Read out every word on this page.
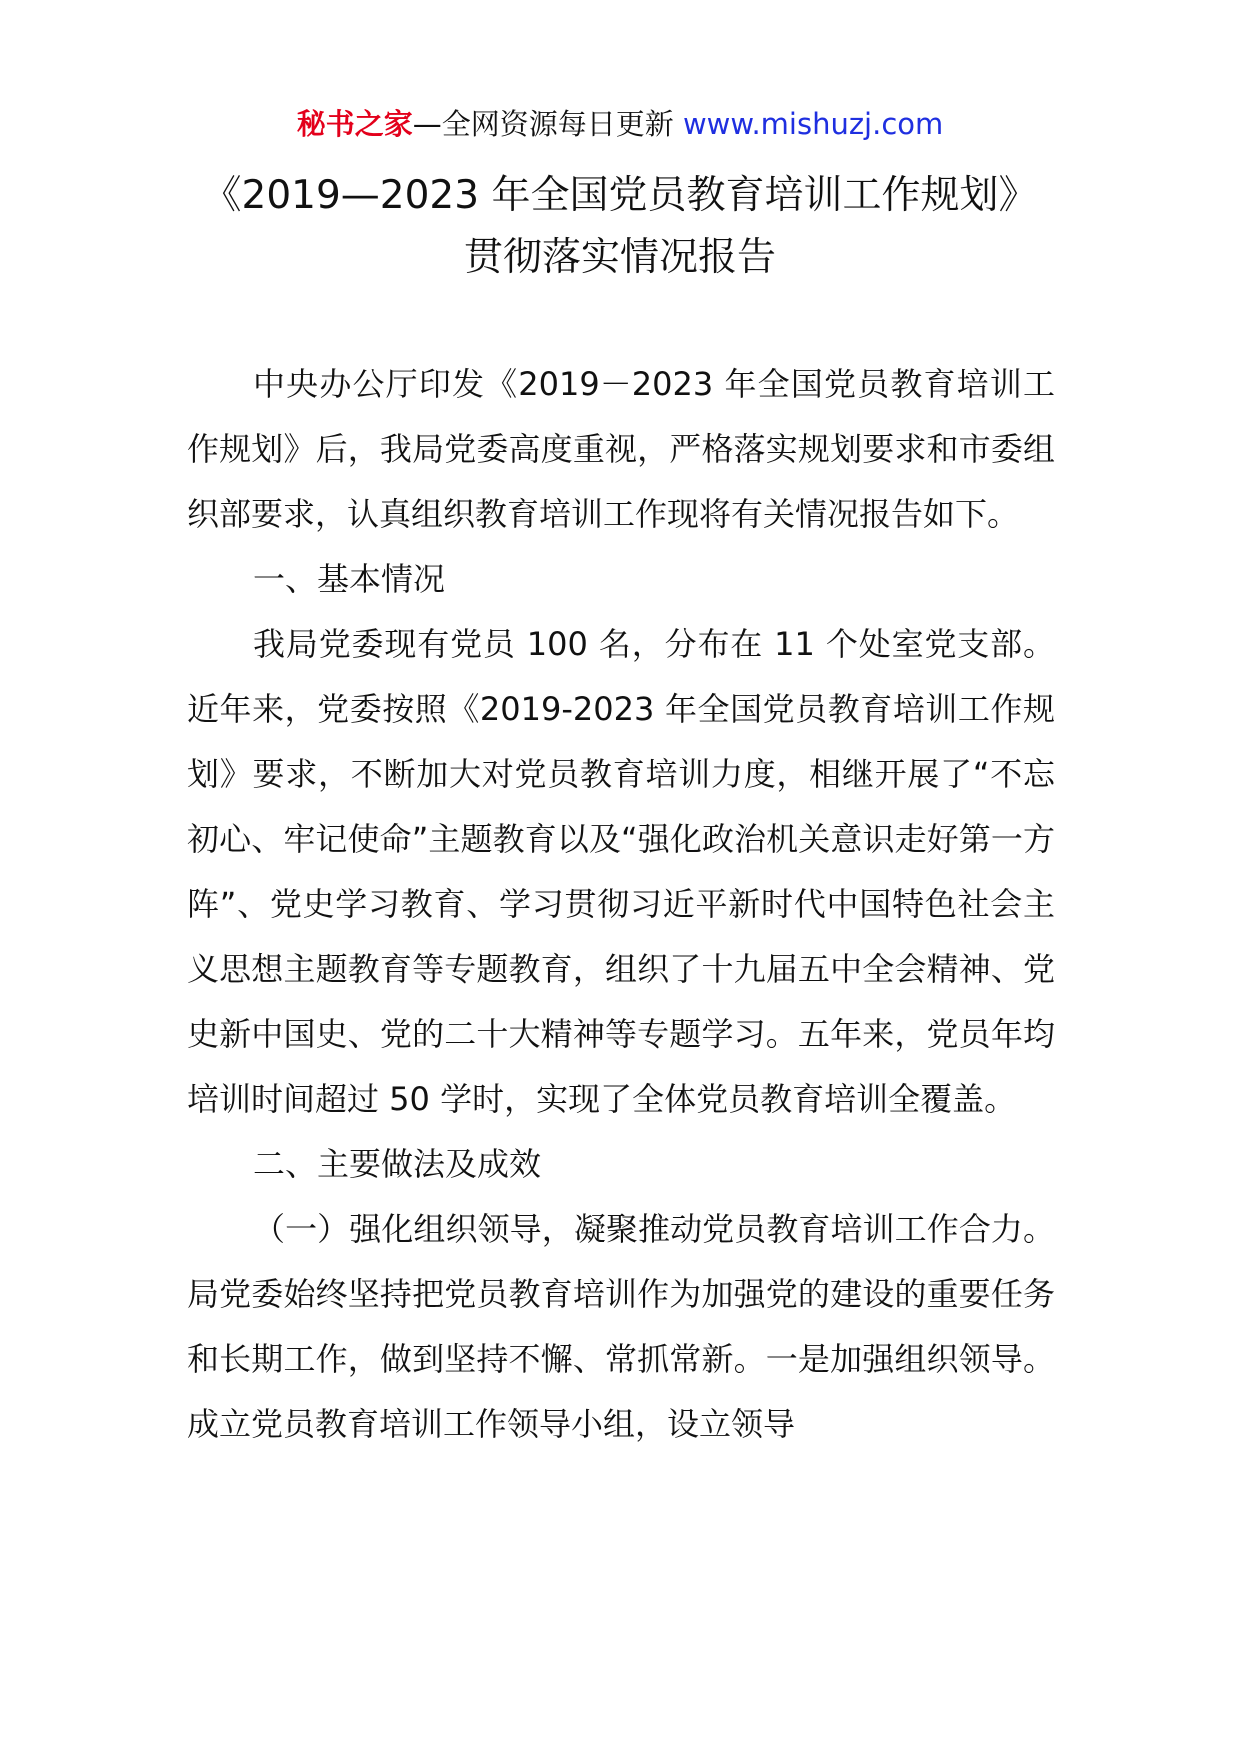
秘书之家—全网资源每日更新 www.mishuzj.com
《2019—2023 年全国党员教育培训工作规划》
贯彻落实情况报告

中央办公厅印发《2019－2023 年全国党员教育培训工作规划》后，我局党委高度重视，严格落实规划要求和市委组织部要求，认真组织教育培训工作现将有关情况报告如下。

一、基本情况

我局党委现有党员 100 名，分布在 11 个处室党支部。近年来，党委按照《2019-2023 年全国党员教育培训工作规划》要求，不断加大对党员教育培训力度，相继开展了“不忘初心、牢记使命”主题教育以及“强化政治机关意识走好第一方阵”、党史学习教育、学习贯彻习近平新时代中国特色社会主义思想主题教育等专题教育，组织了十九届五中全会精神、党史新中国史、党的二十大精神等专题学习。五年来，党员年均培训时间超过 50 学时，实现了全体党员教育培训全覆盖。

二、主要做法及成效

（一）强化组织领导，凝聚推动党员教育培训工作合力。局党委始终坚持把党员教育培训作为加强党的建设的重要任务和长期工作，做到坚持不懈、常抓常新。一是加强组织领导。成立党员教育培训工作领导小组，设立领导
